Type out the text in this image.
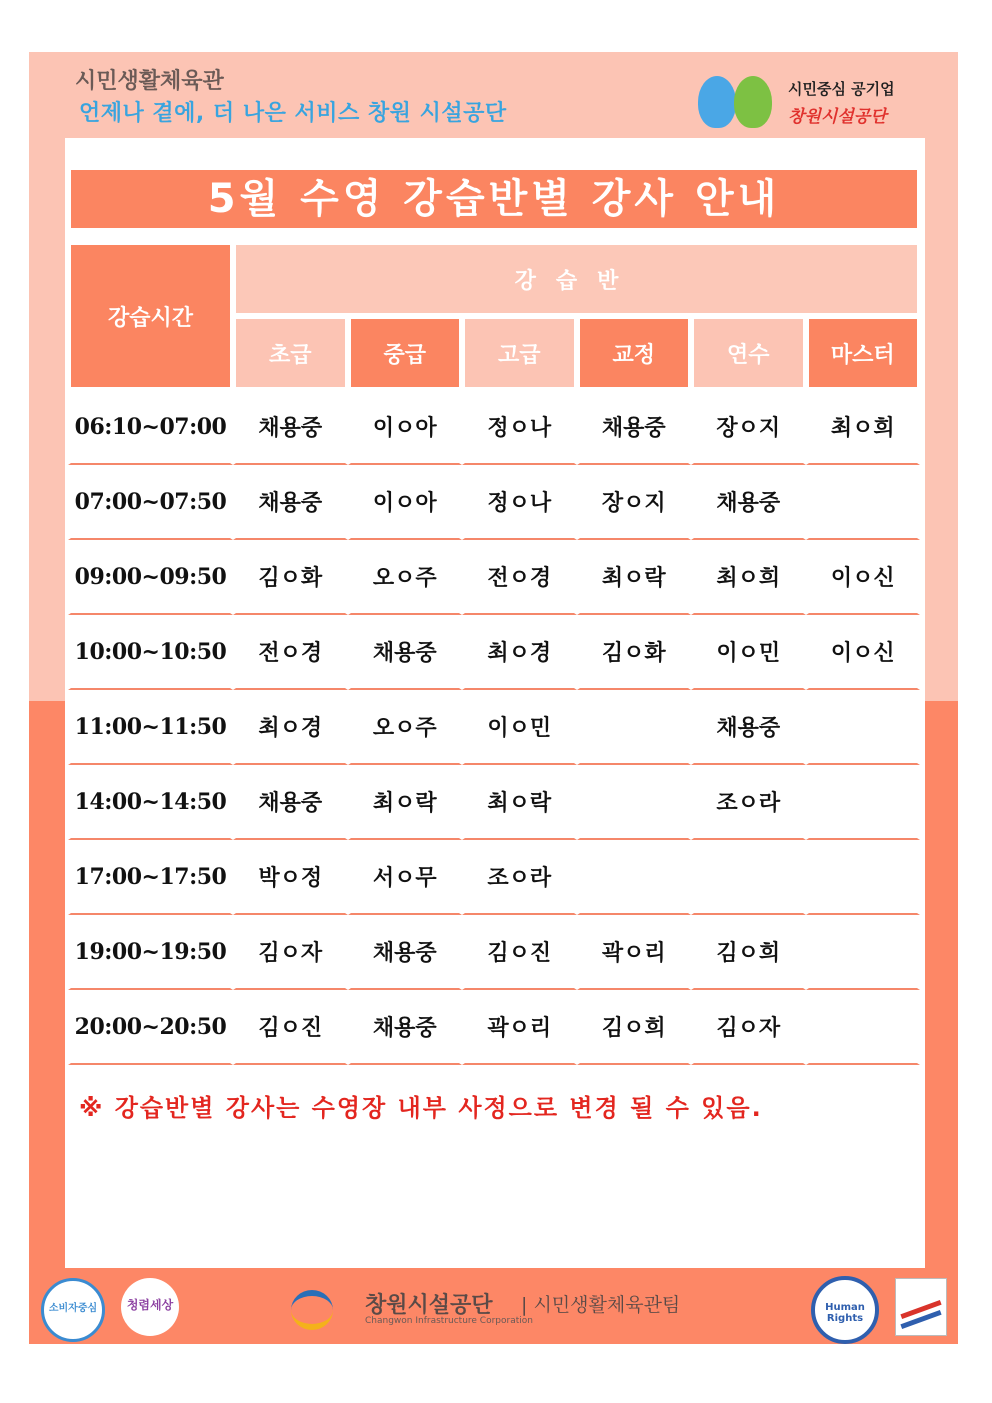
시민생활체육관
언제나 곁에, 더 나은 서비스 창원 시설공단
시민중심 공기업
창원시설공단
5월 수영 강습반별 강사 안내
강습시간	강습반					
	초급	중급	고급	교정	연수	마스터
06:10~07:00	채용중	이ㅇ아	정ㅇ나	채용중	장ㅇ지	최ㅇ희
07:00~07:50	채용중	이ㅇ아	정ㅇ나	장ㅇ지	채용중	
09:00~09:50	김ㅇ화	오ㅇ주	전ㅇ경	최ㅇ락	최ㅇ희	이ㅇ신
10:00~10:50	전ㅇ경	채용중	최ㅇ경	김ㅇ화	이ㅇ민	이ㅇ신
11:00~11:50	최ㅇ경	오ㅇ주	이ㅇ민		채용중	
14:00~14:50	채용중	최ㅇ락	최ㅇ락		조ㅇ라	
17:00~17:50	박ㅇ정	서ㅇ무	조ㅇ라			
19:00~19:50	김ㅇ자	채용중	김ㅇ진	곽ㅇ리	김ㅇ희	
20:00~20:50	김ㅇ진	채용중	곽ㅇ리	김ㅇ희	김ㅇ자	
※ 강습반별 강사는 수영장 내부 사정으로 변경 될 수 있음.
소비자중심	청렴세상	창원시설공단 | 시민생활체육관팀
Changwon Infrastructure Corporation
Human Rights
